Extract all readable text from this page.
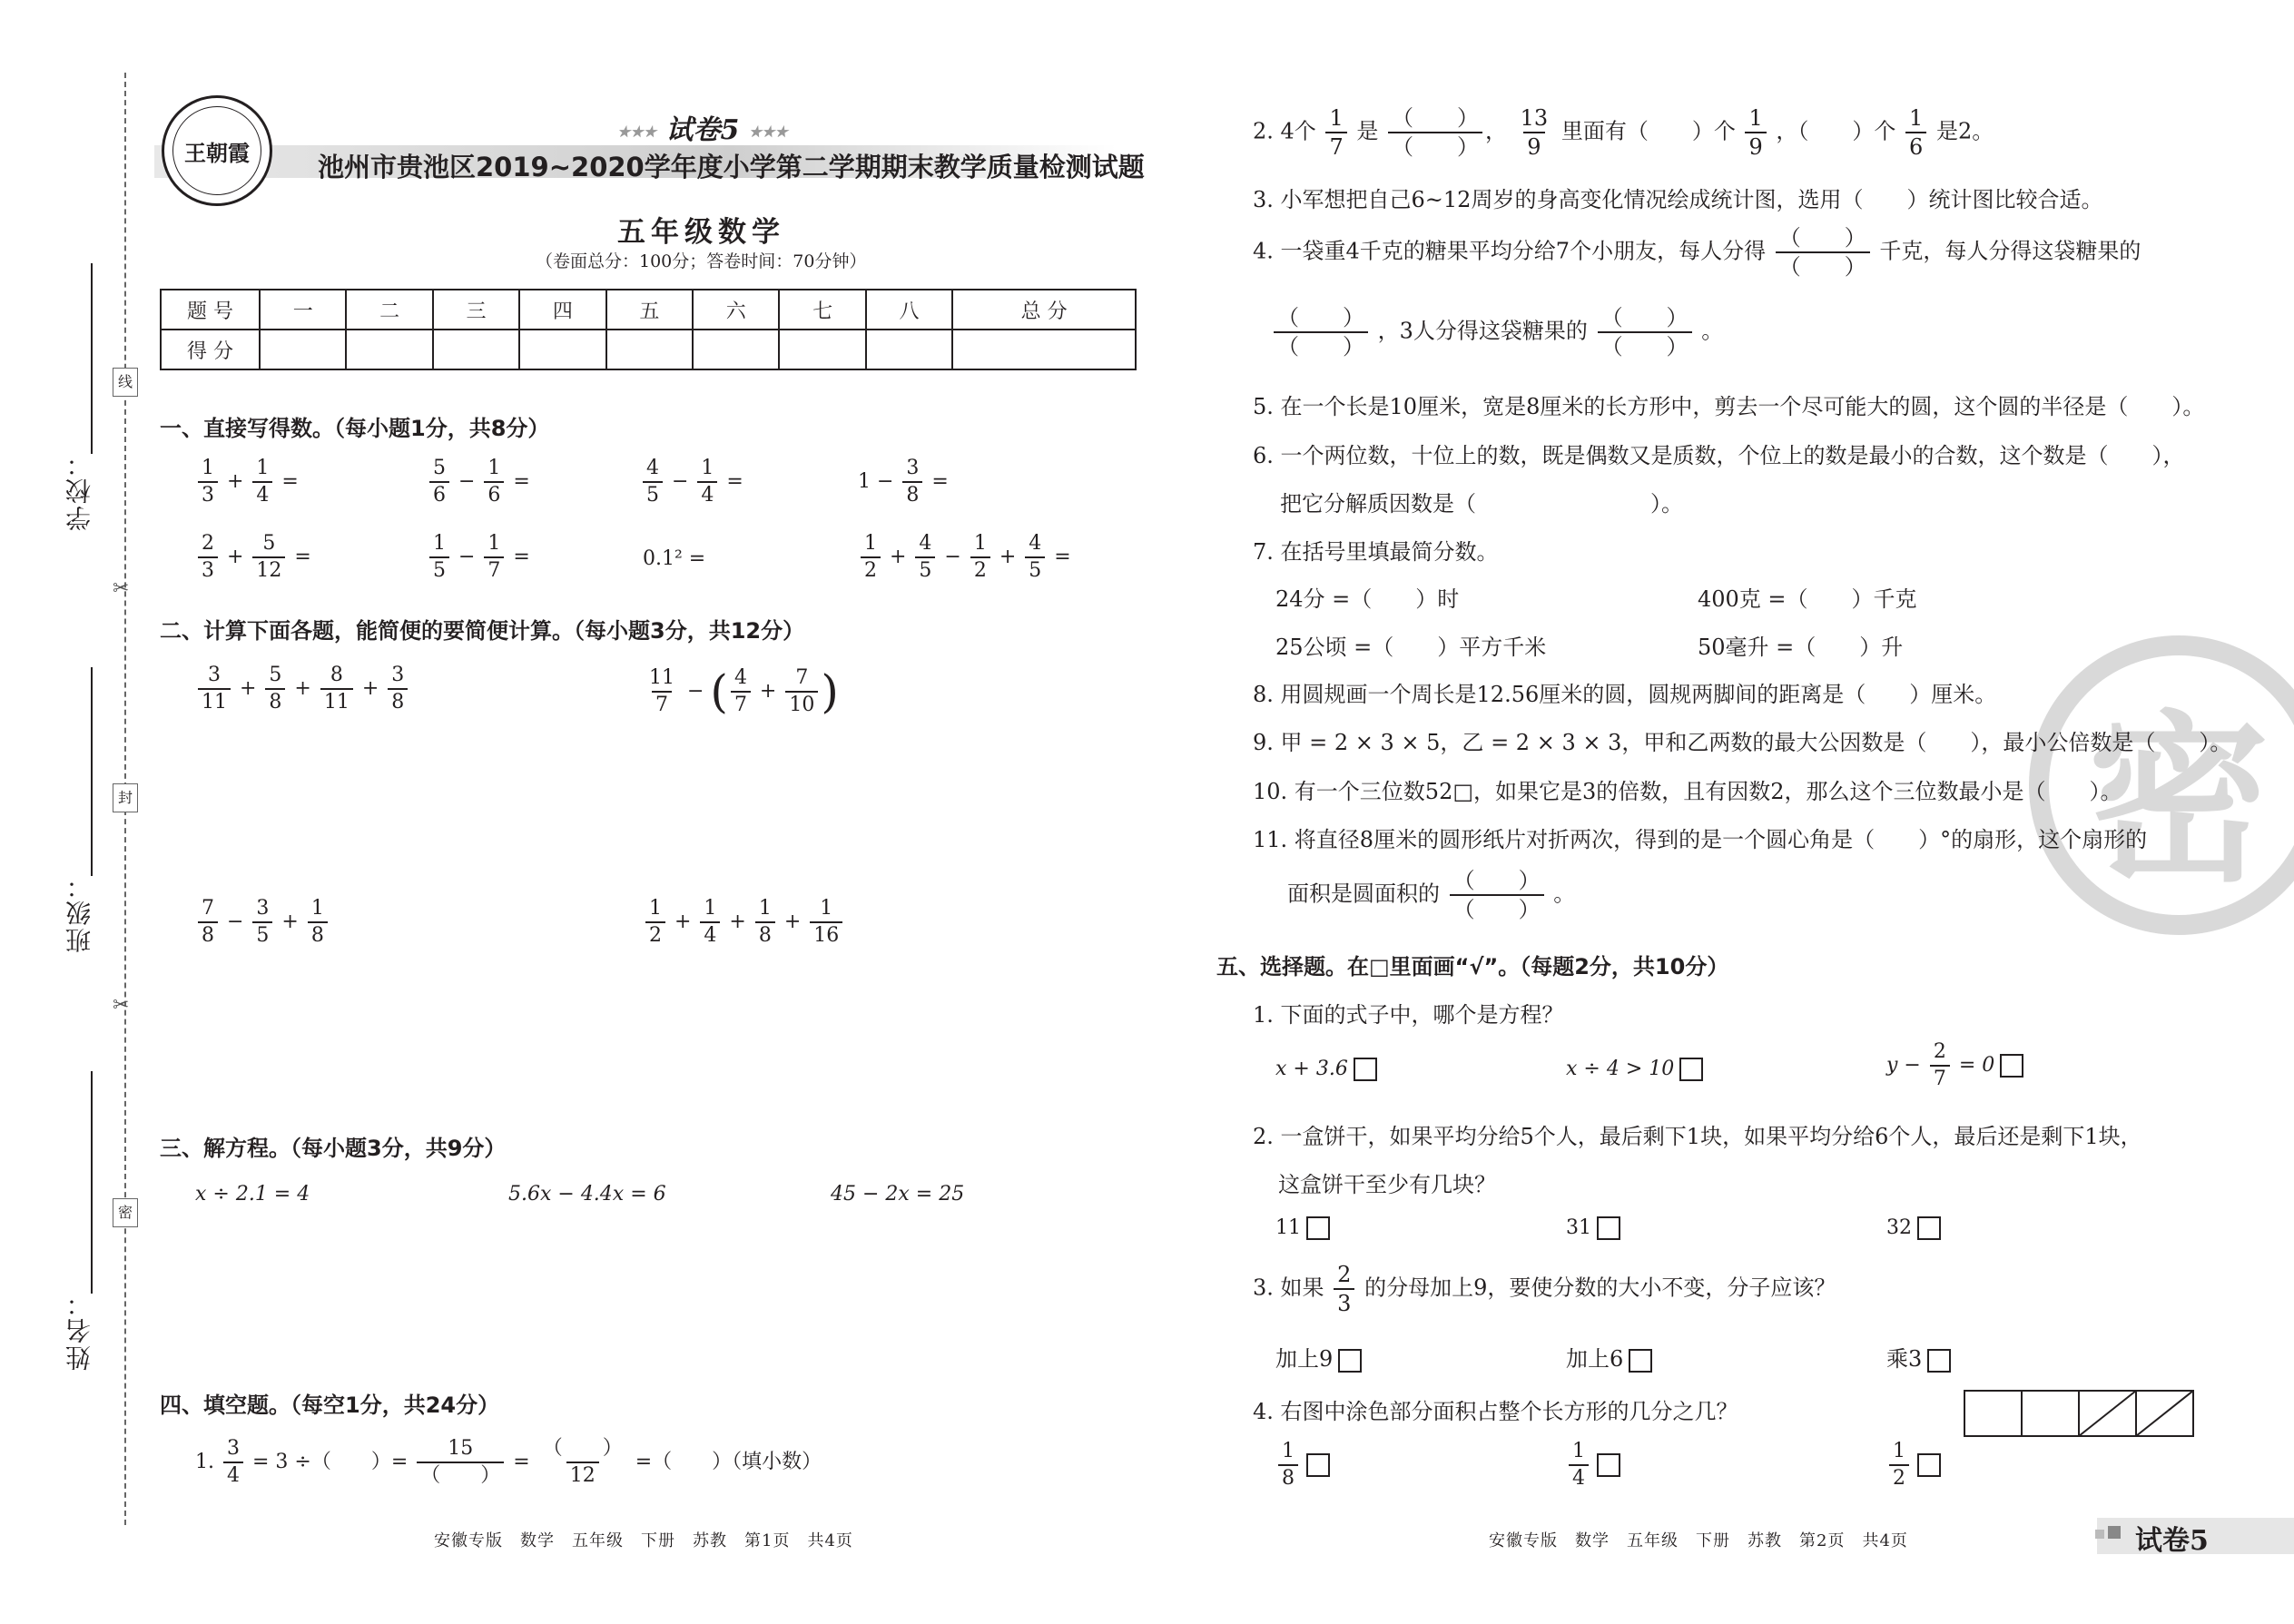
线
封
密
✂
✂
学校：
班级：
姓名：
王朝霞
★★★ 试卷5 ★★★
池州市贵池区2019~2020学年度小学第二学期期末教学质量检测试题
五年级数学
（卷面总分：100分；答卷时间：70分钟）
题 号	一	二	三	四	五	六	七	八	总 分
得 分									
一、直接写得数。（每小题1分，共8分）
$\frac{1}{3} + \frac{1}{4}$ =	$\frac{5}{6} - \frac{1}{6}$ =	$\frac{4}{5} - \frac{1}{4}$ =	$1 - \frac{3}{8}$ =
$\frac{2}{3} + \frac{5}{12}$ =	$\frac{1}{5} - \frac{1}{7}$ =	0.1² =	$\frac{1}{2} + \frac{4}{5} - \frac{1}{2} + \frac{4}{5}$ =
二、计算下面各题，能简便的要简便计算。（每小题3分，共12分）
$\frac{3}{11} + \frac{5}{8} + \frac{8}{11} + \frac{3}{8}$	$\frac{11}{7}$ − ( $\frac{4}{7} + \frac{7}{10}$ )
$\frac{7}{8} - \frac{3}{5} + \frac{1}{8}$	$\frac{1}{2} + \frac{1}{4} + \frac{1}{8} + \frac{1}{16}$
三、解方程。（每小题3分，共9分）
x ÷ 2.1 = 4	5.6x − 4.4x = 6	45 − 2x = 25
四、填空题。（每空1分，共24分）
1. $\frac{3}{4} = 3$ ÷（　　）= $\frac{15}{( )} = \frac{( )}{12}$ =（　　）（填小数）
安徽专版　数学　五年级　下册　苏教　第1页　共4页
密
2. 4个 $\frac{1}{7}$ 是 $\frac{( )}{( )}$ ， $\frac{13}{9}$ 里面有（　　）个 $\frac{1}{9}$ ，（　　）个 $\frac{1}{6}$ 是2。
3. 小军想把自己6~12周岁的身高变化情况绘成统计图，选用（　　）统计图比较合适。
4. 一袋重4千克的糖果平均分给7个小朋友，每人分得 $\frac{( )}{( )}$ 千克，每人分得这袋糖果的
$\frac{( )}{( )}$ ，3人分得这袋糖果的 $\frac{( )}{( )}$ 。
5. 在一个长是10厘米，宽是8厘米的长方形中，剪去一个尽可能大的圆，这个圆的半径是（　　）。
6. 一个两位数，十位上的数，既是偶数又是质数，个位上的数是最小的合数，这个数是（　　），
把它分解质因数是（　　　　　　　　）。
7. 在括号里填最简分数。
24分 =（　　）时	400克 =（　　）千克
25公顷 =（　　）平方千米	50毫升 =（　　）升
8. 用圆规画一个周长是12.56厘米的圆，圆规两脚间的距离是（　　）厘米。
9. 甲 = 2 × 3 × 5，乙 = 2 × 3 × 3，甲和乙两数的最大公因数是（　　），最小公倍数是（　　）。
10. 有一个三位数52□，如果它是3的倍数，且有因数2，那么这个三位数最小是（　　）。
11. 将直径8厘米的圆形纸片对折两次，得到的是一个圆心角是（　　）°的扇形，这个扇形的
面积是圆面积的 $\frac{( )}{( )}$ 。
五、选择题。在□里面画“√”。（每题2分，共10分）
1. 下面的式子中，哪个是方程？
x + 3.6	x ÷ 4 > 10	$y - \frac{2}{7} = 0$
2. 一盒饼干，如果平均分给5个人，最后剩下1块，如果平均分给6个人，最后还是剩下1块，
这盒饼干至少有几块？
11	31	32
3. 如果 $\frac{2}{3}$ 的分母加上9，要使分数的大小不变，分子应该？
加上9	加上6	乘3
4. 右图中涂色部分面积占整个长方形的几分之几？
$\frac{1}{8}$	$\frac{1}{4}$	$\frac{1}{2}$
安徽专版　数学　五年级　下册　苏教　第2页　共4页	试卷5
